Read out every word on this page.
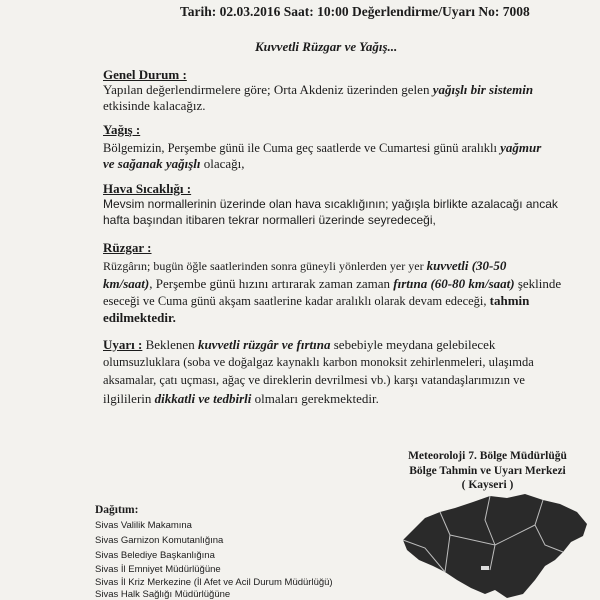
Tarih: 02.03.2016 Saat: 10:00 Değerlendirme/Uyarı No: 7008
Kuvvetli Rüzgar ve Yağış...
Genel Durum :
Yapılan değerlendirmelere göre; Orta Akdeniz üzerinden gelen yağışlı bir sistemin
etkisinde kalacağız.
Yağış :
Bölgemizin, Perşembe günü ile Cuma geç saatlerde ve Cumartesi günü aralıklı yağmur
ve sağanak yağışlı olacağı,
Hava Sıcaklığı :
Mevsim normallerinin üzerinde olan hava sıcaklığının; yağışla birlikte azalacağı ancak
hafta başından itibaren tekrar normalleri üzerinde seyredeceği,
Rüzgar :
Rüzgârın; bugün öğle saatlerinden sonra güneyli yönlerden yer yer kuvvetli (30-50
km/saat), Perşembe günü hızını artırarak zaman zaman fırtına (60-80 km/saat) şeklinde
eseceği ve Cuma günü akşam saatlerine kadar aralıklı olarak devam edeceği, tahmin
edilmektedir.
Uyarı : Beklenen kuvvetli rüzgâr ve fırtına sebebiyle meydana gelebilecek
olumsuzluklara (soba ve doğalgaz kaynaklı karbon monoksit zehirlenmeleri, ulaşımda
aksamalar, çatı uçması, ağaç ve direklerin devrilmesi vb.) karşı vatandaşlarımızın ve
ilgililerin dikkatli ve tedbirli olmaları gerekmektedir.
Meteoroloji 7. Bölge Müdürlüğü
Bölge Tahmin ve Uyarı Merkezi
( Kayseri )
Dağıtım:
Sivas Valilik Makamına
Sivas Garnizon Komutanlığına
Sivas Belediye Başkanlığına
Sivas İl Emniyet Müdürlüğüne
Sivas İl Kriz Merkezine (İl Afet ve Acil Durum Müdürlüğü)
Sivas Halk Sağlığı Müdürlüğüne
